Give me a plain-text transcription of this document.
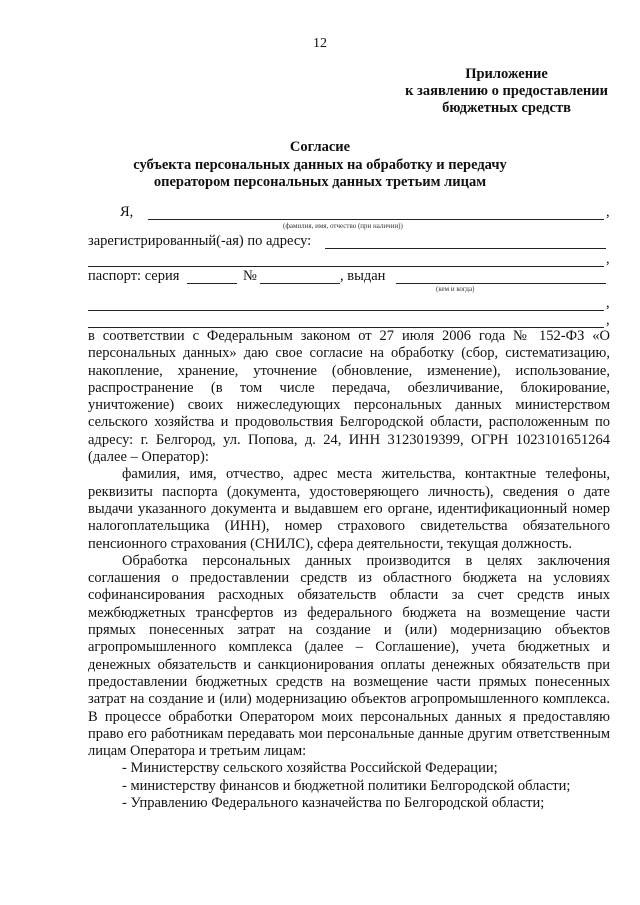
12
Приложение
к заявлению о предоставлении
бюджетных средств
Согласие
субъекта персональных данных на обработку и передачу
оператором персональных данных третьим лицам
Я,	,
(фамилия, имя, отчество (при наличии))
зарегистрированный(-ая) по адресу:
,
паспорт: серия	№	, выдан
(кем и когда)
,
,

в соответствии с Федеральным законом от 27 июля 2006 года № 152-ФЗ «О персональных данных» даю свое согласие на обработку (сбор, систематизацию, накопление, хранение, уточнение (обновление, изменение), использование, распространение (в том числе передача, обезличивание, блокирование, уничтожение) своих нижеследующих персональных данных министерством сельского хозяйства и продовольствия Белгородской области, расположенным по адресу: г. Белгород, ул. Попова, д. 24, ИНН 3123019399, ОГРН 1023101651264 (далее – Оператор):

фамилия, имя, отчество, адрес места жительства, контактные телефоны, реквизиты паспорта (документа, удостоверяющего личность), сведения о дате выдачи указанного документа и выдавшем его органе, идентификационный номер налогоплательщика (ИНН), номер страхового свидетельства обязательного пенсионного страхования (СНИЛС), сфера деятельности, текущая должность.

Обработка персональных данных производится в целях заключения соглашения о предоставлении средств из областного бюджета на условиях софинансирования расходных обязательств области за счет средств иных межбюджетных трансфертов из федерального бюджета на возмещение части прямых понесенных затрат на создание и (или) модернизацию объектов агропромышленного комплекса (далее – Соглашение), учета бюджетных и денежных обязательств и санкционирования оплаты денежных обязательств при предоставлении бюджетных средств на возмещение части прямых понесенных затрат на создание и (или) модернизацию объектов агропромышленного комплекса. В процессе обработки Оператором моих персональных данных я предоставляю право его работникам передавать мои персональные данные другим ответственным лицам Оператора и третьим лицам:

- Министерству сельского хозяйства Российской Федерации;
- министерству финансов и бюджетной политики Белгородской области;
- Управлению Федерального казначейства по Белгородской области;
